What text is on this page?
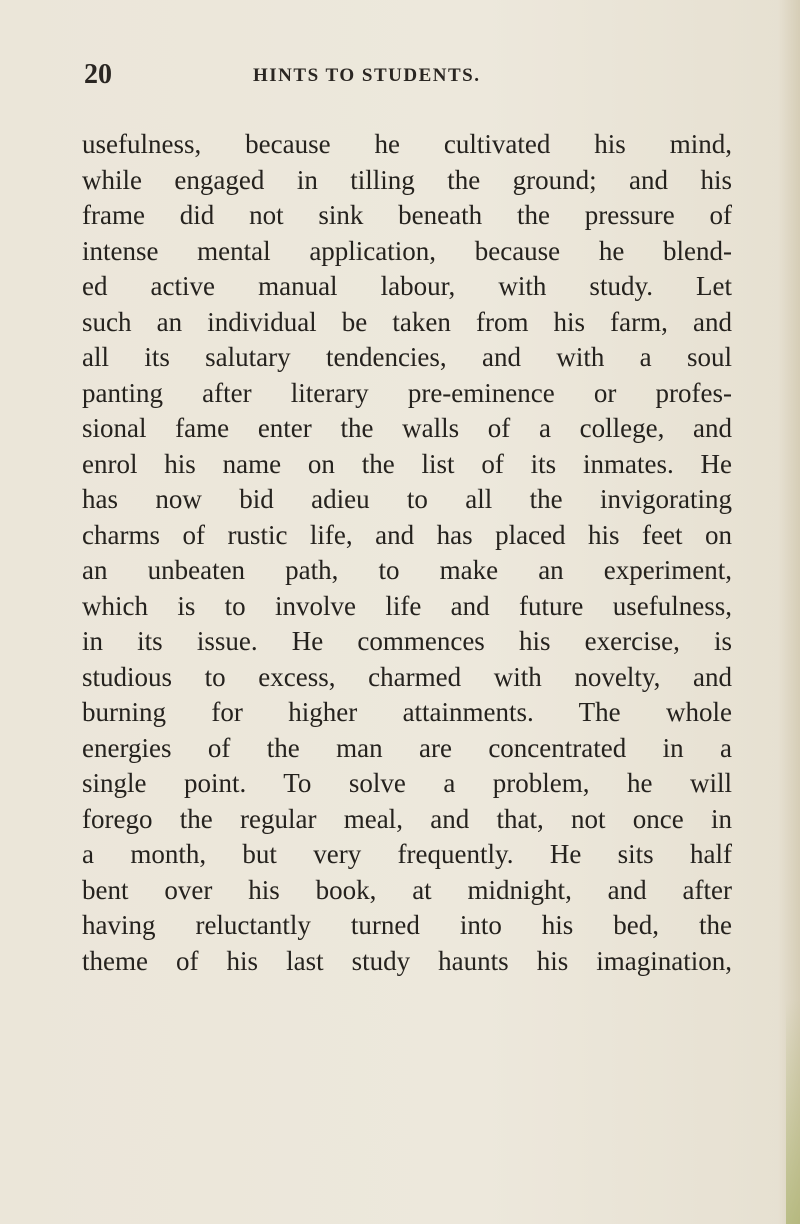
20	HINTS TO STUDENTS.
usefulness, because he cultivated his mind,
while engaged in tilling the ground; and his
frame did not sink beneath the pressure of
intense mental application, because he blend-
ed active manual labour, with study. Let
such an individual be taken from his farm, and
all its salutary tendencies, and with a soul
panting after literary pre-eminence or profes-
sional fame enter the walls of a college, and
enrol his name on the list of its inmates. He
has now bid adieu to all the invigorating
charms of rustic life, and has placed his feet on
an unbeaten path, to make an experiment,
which is to involve life and future usefulness,
in its issue. He commences his exercise, is
studious to excess, charmed with novelty, and
burning for higher attainments. The whole
energies of the man are concentrated in a
single point. To solve a problem, he will
forego the regular meal, and that, not once in
a month, but very frequently. He sits half
bent over his book, at midnight, and after
having reluctantly turned into his bed, the
theme of his last study haunts his imagination,
